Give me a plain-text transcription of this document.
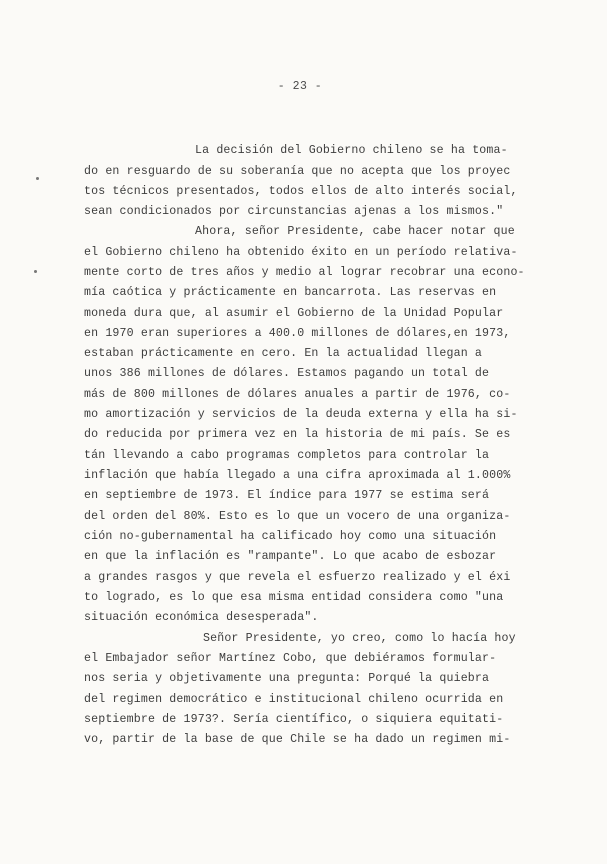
- 23 -
La decisión del Gobierno chileno se ha toma-
do en resguardo de su soberanía que no acepta que los proyec
tos técnicos presentados, todos ellos de alto interés social,
sean condicionados por circunstancias ajenas a los mismos."
Ahora, señor Presidente, cabe hacer notar que
el Gobierno chileno ha obtenido éxito en un período relativa-
mente corto de tres años y medio al lograr recobrar una econo-
mía caótica y prácticamente en bancarrota. Las reservas en
moneda dura que, al asumir el Gobierno de la Unidad Popular
en 1970 eran superiores a 400.0 millones de dólares,en 1973,
estaban prácticamente en cero. En la actualidad llegan a
unos 386 millones de dólares. Estamos pagando un total de
más de 800 millones de dólares anuales a partir de 1976, co-
mo amortización y servicios de la deuda externa y ella ha si-
do reducida por primera vez en la historia de mi país. Se es
tán llevando a cabo programas completos para controlar la
inflación que había llegado a una cifra aproximada al 1.000%
en septiembre de 1973. El índice para 1977 se estima será
del orden del 80%. Esto es lo que un vocero de una organiza-
ción no-gubernamental ha calificado hoy como una situación
en que la inflación es "rampante". Lo que acabo de esbozar
a grandes rasgos y que revela el esfuerzo realizado y el éxi
to logrado, es lo que esa misma entidad considera como "una
situación económica desesperada".
Señor Presidente, yo creo, como lo hacía hoy
el Embajador señor Martínez Cobo, que debiéramos formular-
nos seria y objetivamente una pregunta: Porqué la quiebra
del regimen democrático e institucional chileno ocurrida en
septiembre de 1973?. Sería científico, o siquiera equitati-
vo, partir de la base de que Chile se ha dado un regimen mi-
